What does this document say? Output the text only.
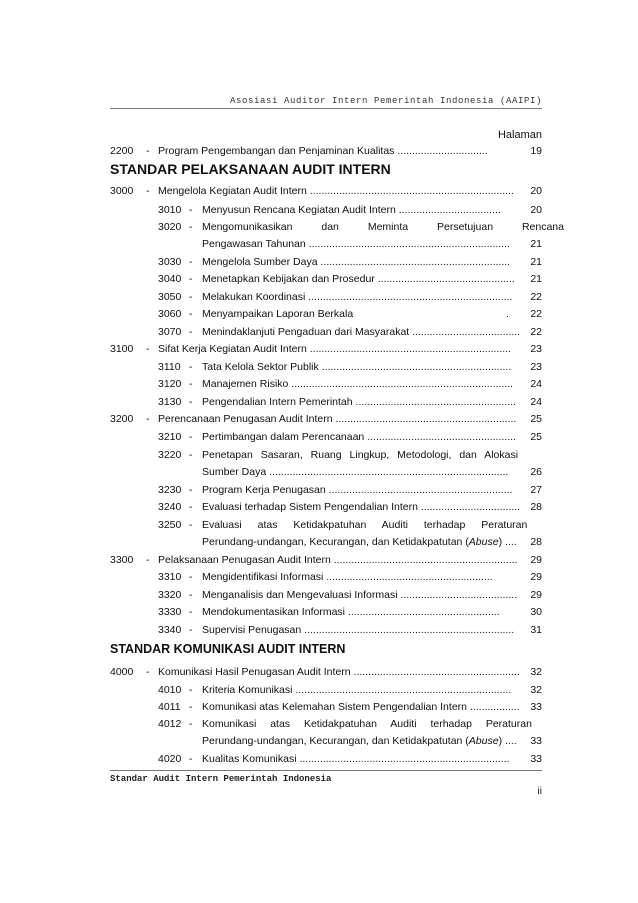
Asosiasi Auditor Intern Pemerintah Indonesia (AAIPI)
Halaman
2200 - Program Pengembangan dan Penjaminan Kualitas ...............................	19
STANDAR PELAKSANAAN AUDIT INTERN
3000 - Mengelola Kegiatan Audit Intern ......................................................................	20
3010 - Menyusun Rencana Kegiatan Audit Intern ...................................	20
3020 - Mengomunikasikan dan Meminta Persetujuan Rencana
Pengawasan Tahunan .....................................................................	21
3030 - Mengelola Sumber Daya .................................................................	21
3040 - Menetapkan Kebijakan dan Prosedur ...............................................	21
3050 - Melakukan Koordinasi ......................................................................	22
3060 - Menyampaikan Laporan Berkala	.	22
3070 - Menindaklanjuti Pengaduan dari Masyarakat ..................................... 22
3100 - Sifat Kerja Kegiatan Audit Intern .....................................................................	23
3110 - Tata Kelola Sektor Publik .................................................................	23
3120 - Manajemen Risiko ............................................................................	24
3130 - Pengendalian Intern Pemerintah .......................................................	24
3200 - Perencanaan Penugasan Audit Intern ..............................................................	25
3210 - Pertimbangan dalam Perencanaan ...................................................	25
3220 - Penetapan Sasaran, Ruang Lingkup, Metodologi, dan Alokasi
Sumber Daya ..................................................................................	26
3230 - Program Kerja Penugasan ...............................................................	27
3240 - Evaluasi terhadap Sistem Pengendalian Intern .................................. 28
3250 - Evaluasi atas Ketidakpatuhan Auditi terhadap Peraturan
Perundang-undangan, Kecurangan, dan Ketidakpatutan (Abuse) ....	28
3300 - Pelaksanaan Penugasan Audit Intern ...............................................................	29
3310 - Mengidentifikasi Informasi .........................................................	29
3320 - Menganalisis dan Mengevaluasi Informasi ........................................	29
3330 - Mendokumentasikan Informasi ....................................................	30
3340 - Supervisi Penugasan ........................................................................	31
STANDAR KOMUNIKASI AUDIT INTERN
4000 - Komunikasi Hasil Penugasan Audit Intern ......................................................... 32
4010 - Kriteria Komunikasi ..........................................................................	32
4011 - Komunikasi atas Kelemahan Sistem Pengendalian Intern .................	33
4012 - Komunikasi atas Ketidakpatuhan Auditi terhadap Peraturan
Perundang-undangan, Kecurangan, dan Ketidakpatutan (Abuse) ....	33
4020 - Kualitas Komunikasi ........................................................................	33
Standar Audit Intern Pemerintah Indonesia
ii
